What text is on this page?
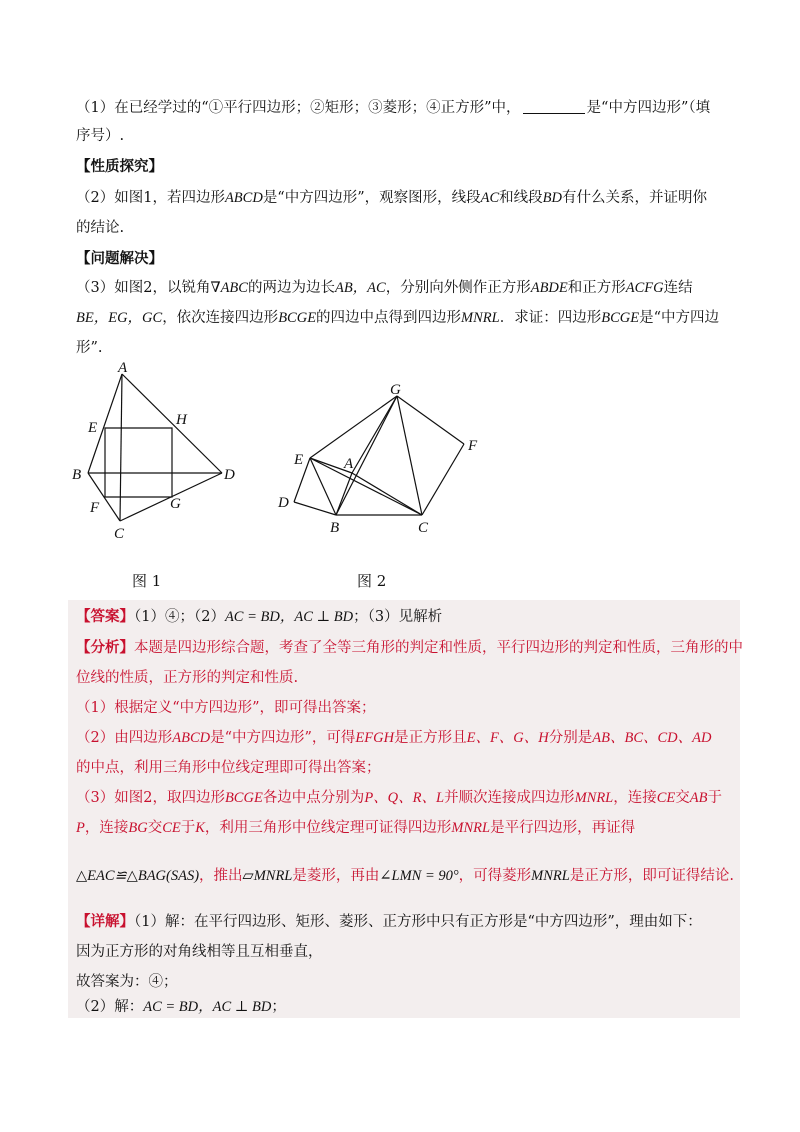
（1）在已经学过的“①平行四边形；②矩形；③菱形；④正方形”中，	是“中方四边形”（填
序号）.
【性质探究】
（2）如图1，若四边形ABCD是“中方四边形”，观察图形，线段AC和线段BD有什么关系，并证明你
的结论.
【问题解决】
（3）如图2，以锐角∇ABC的两边为边长AB，AC，分别向外侧作正方形ABDE和正方形ACFG连结
BE，EG，GC，依次连接四边形BCGE的四边中点得到四边形MNRL．求证：四边形BCGE是“中方四边
形”.
A
B
C
D
E
F	G
H
G
F
E	A
D
B	C
图 1	图 2
【答案】（1）④；（2）AC = BD，AC ⊥ BD；（3）见解析
【分析】本题是四边形综合题，考查了全等三角形的判定和性质，平行四边形的判定和性质，三角形的中
位线的性质，正方形的判定和性质.
（1）根据定义“中方四边形”，即可得出答案；
（2）由四边形ABCD是“中方四边形”，可得EFGH是正方形且E、F、G、H分别是AB、BC、CD、AD
的中点，利用三角形中位线定理即可得出答案；
（3）如图2，取四边形BCGE各边中点分别为P、Q、R、L并顺次连接成四边形MNRL，连接CE交AB于
P，连接BG交CE于K，利用三角形中位线定理可证得四边形MNRL是平行四边形，再证得
△EAC≌△BAG(SAS)，推出▱MNRL是菱形，再由∠LMN = 90°，可得菱形MNRL是正方形，即可证得结论.
【详解】（1）解：在平行四边形、矩形、菱形、正方形中只有正方形是“中方四边形”，理由如下：
因为正方形的对角线相等且互相垂直，
故答案为：④；
（2）解：AC = BD，AC ⊥ BD；
